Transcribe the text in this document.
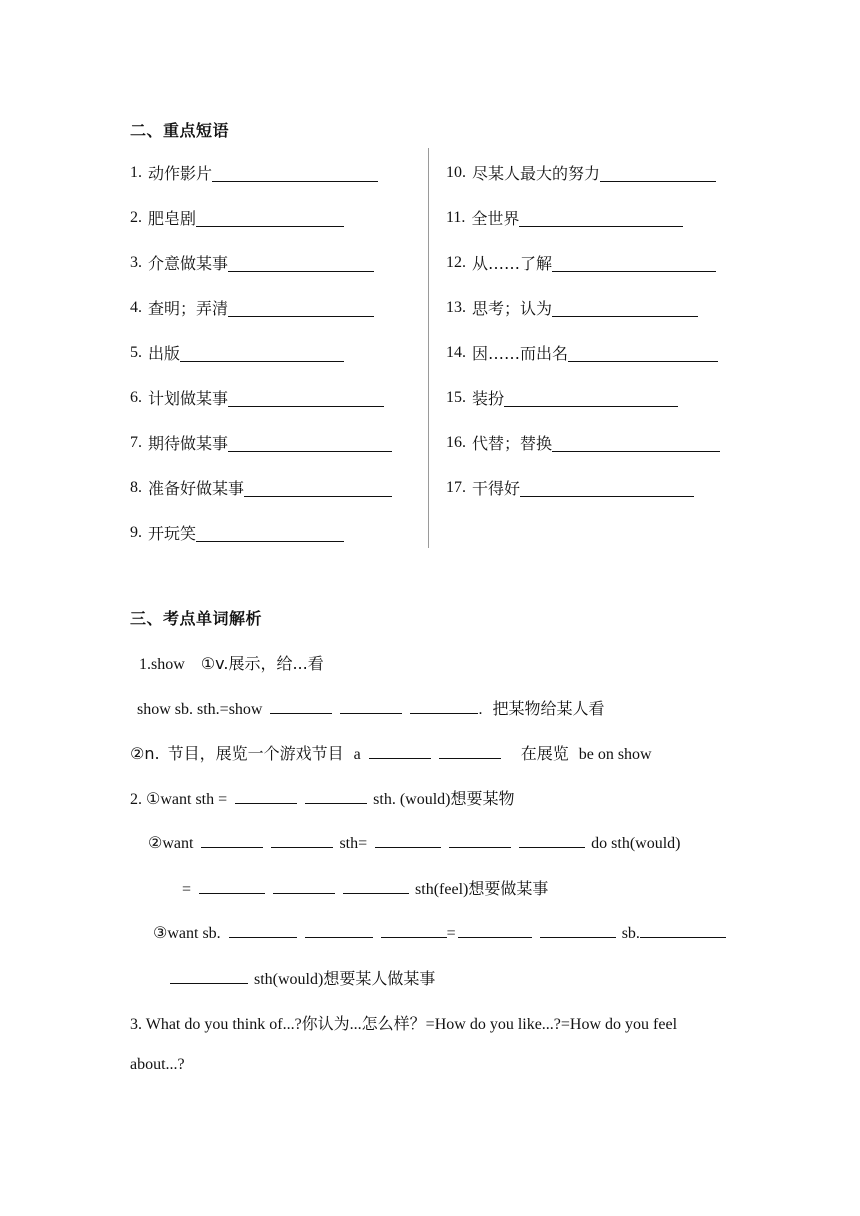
二、重点短语
1. 动作影片
2. 肥皂剧
3. 介意做某事
4. 查明；弄清
5. 出版
6. 计划做某事
7. 期待做某事
8. 准备好做某事
9. 开玩笑
10. 尽某人最大的努力
11. 全世界
12. 从……了解
13. 思考；认为
14. 因……而出名
15. 装扮
16. 代替；替换
17. 干得好
三、考点单词解析
1.show ①v.展示，给...看
show sb. sth.=show	. 把某物给某人看
②n. 节目，展览一个游戏节目 a	在展览 be on show
2. ①want sth =	sth. (would)想要某物
②want	sth=	do sth(would)
=	sth(feel)想要做某事
③want sb.	=	sb.
sth(would)想要某人做某事
3. What do you think of...?你认为...怎么样？=How do you like...?=How do you feel
about...?
